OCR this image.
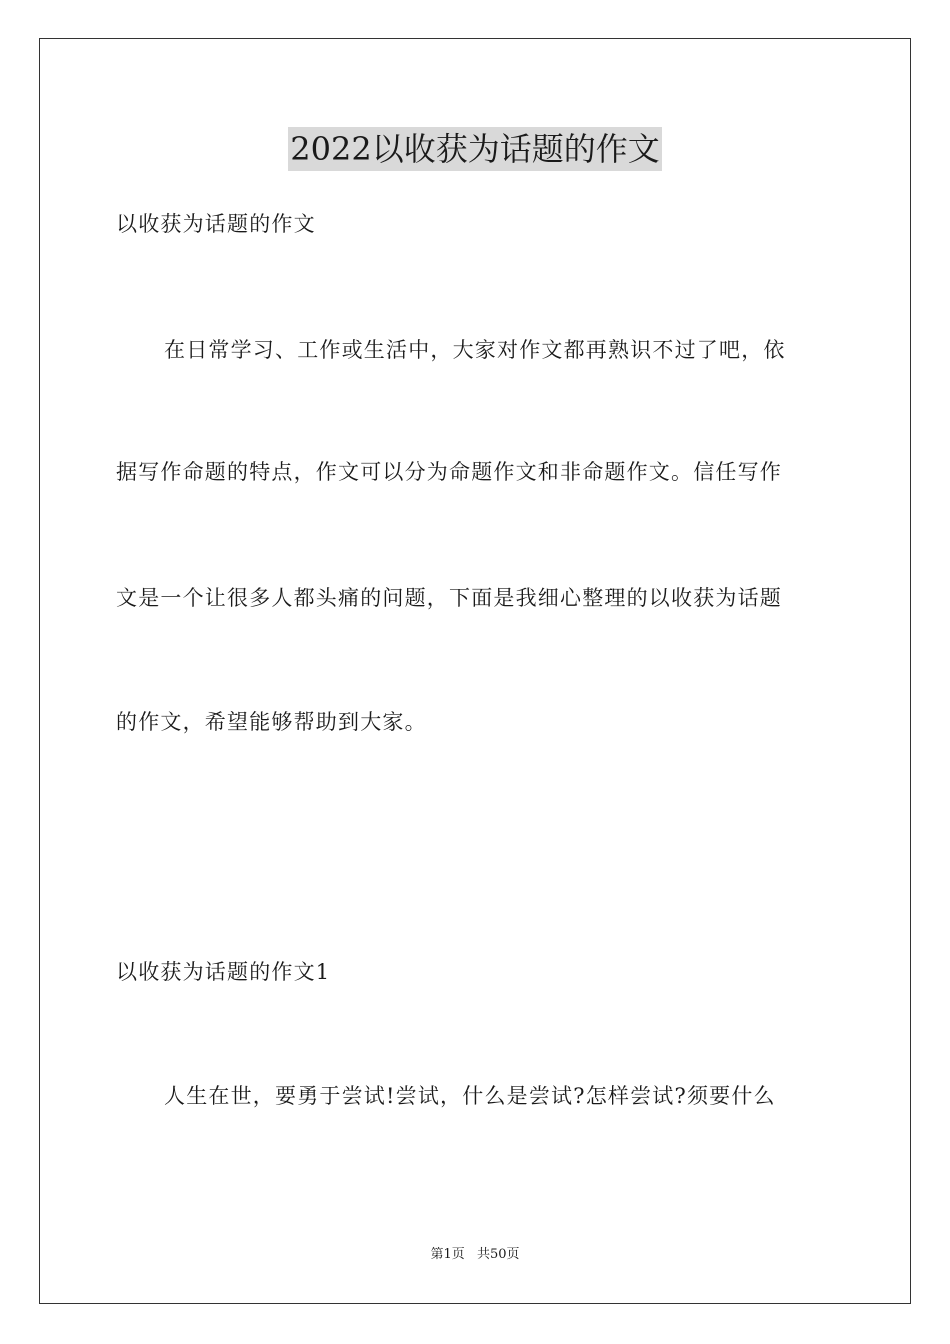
2022以收获为话题的作文
以收获为话题的作文
在日常学习、工作或生活中，大家对作文都再熟识不过了吧，依
据写作命题的特点，作文可以分为命题作文和非命题作文。信任写作
文是一个让很多人都头痛的问题，下面是我细心整理的以收获为话题
的作文，希望能够帮助到大家。
以收获为话题的作文1
人生在世，要勇于尝试!尝试，什么是尝试?怎样尝试?须要什么
第1页 共50页
